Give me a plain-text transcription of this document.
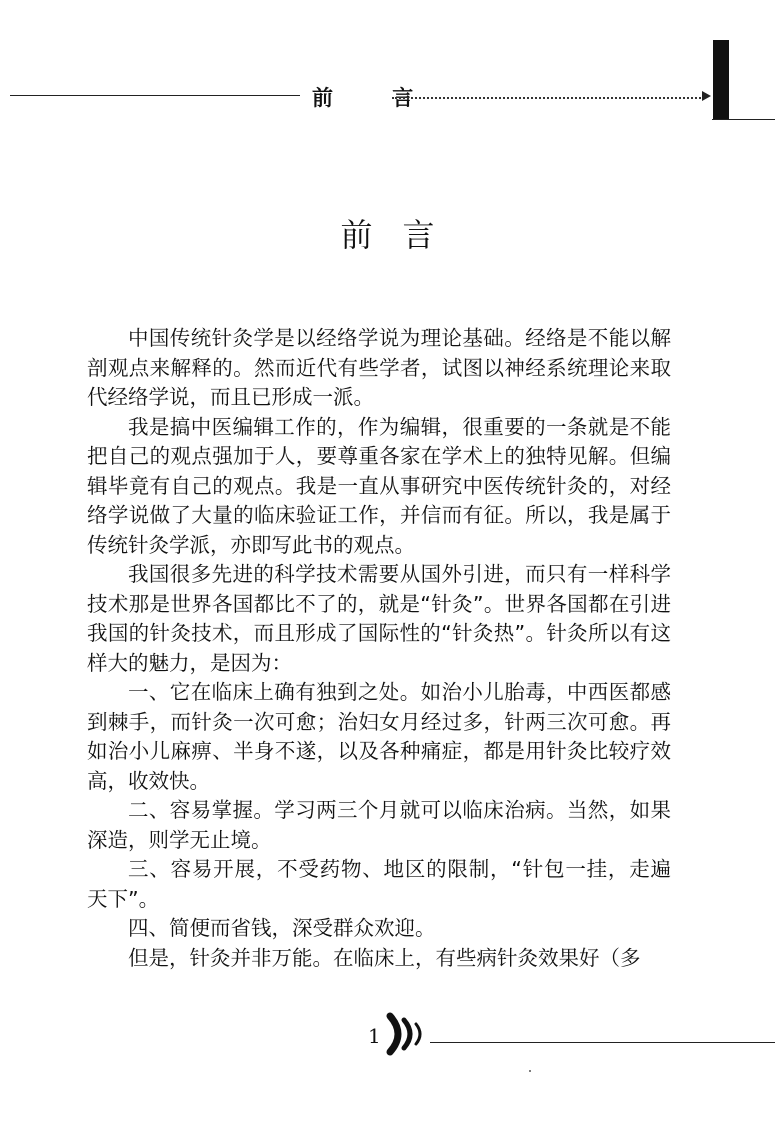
前 言
前言

中国传统针灸学是以经络学说为理论基础。经络是不能以解剖观点来解释的。然而近代有些学者，试图以神经系统理论来取代经络学说，而且已形成一派。

我是搞中医编辑工作的，作为编辑，很重要的一条就是不能把自己的观点强加于人，要尊重各家在学术上的独特见解。但编辑毕竟有自己的观点。我是一直从事研究中医传统针灸的，对经络学说做了大量的临床验证工作，并信而有征。所以，我是属于传统针灸学派，亦即写此书的观点。

我国很多先进的科学技术需要从国外引进，而只有一样科学技术那是世界各国都比不了的，就是“针灸”。世界各国都在引进我国的针灸技术，而且形成了国际性的“针灸热”。针灸所以有这样大的魅力，是因为：

一、它在临床上确有独到之处。如治小儿胎毒，中西医都感到棘手，而针灸一次可愈；治妇女月经过多，针两三次可愈。再如治小儿麻痹、半身不遂，以及各种痛症，都是用针灸比较疗效高，收效快。

二、容易掌握。学习两三个月就可以临床治病。当然，如果深造，则学无止境。

三、容易开展，不受药物、地区的限制，“针包一挂，走遍天下”。

四、简便而省钱，深受群众欢迎。

但是，针灸并非万能。在临床上，有些病针灸效果好（多

1
